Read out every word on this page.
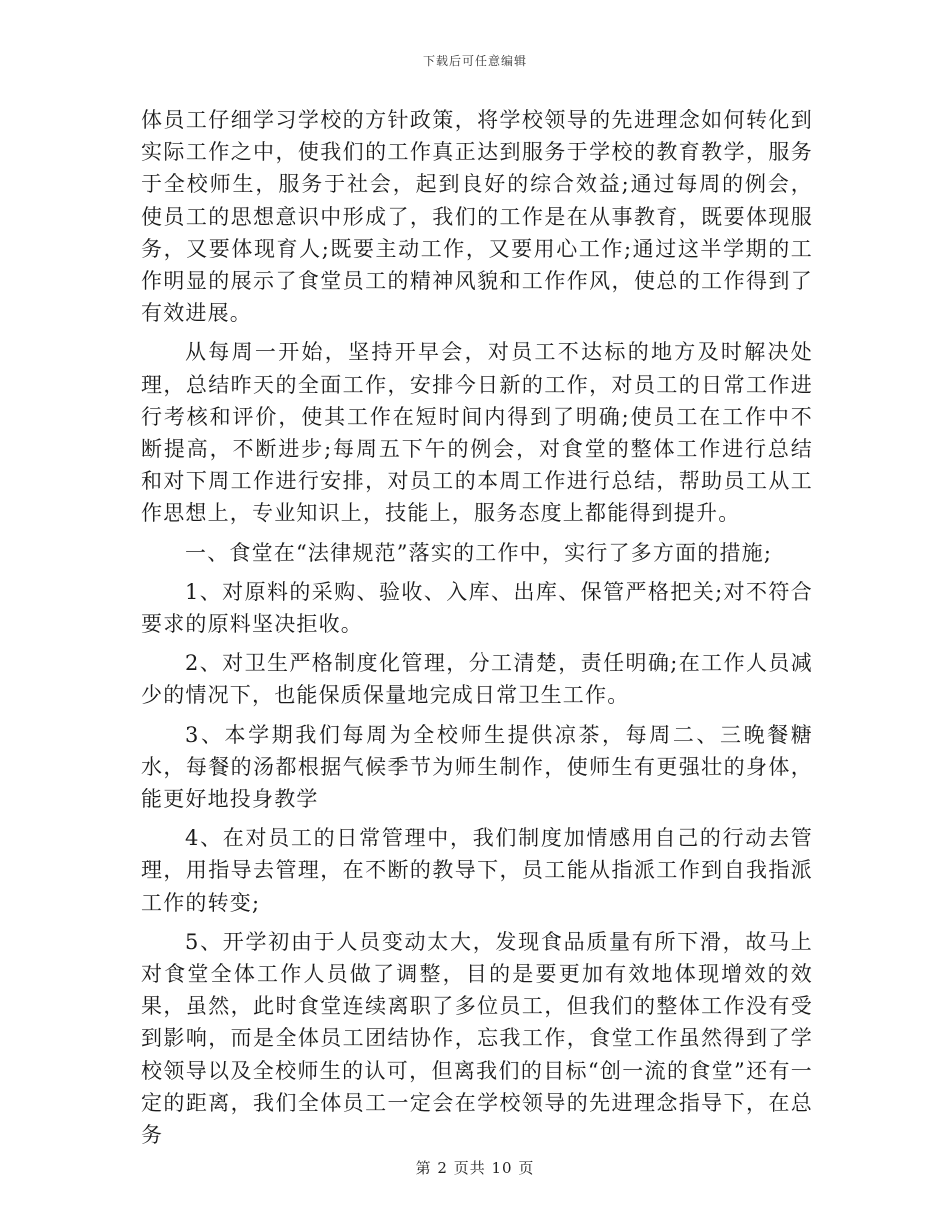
下载后可任意编辑

体员工仔细学习学校的方针政策，将学校领导的先进理念如何转化到实际工作之中，使我们的工作真正达到服务于学校的教育教学，服务于全校师生，服务于社会，起到良好的综合效益;通过每周的例会，使员工的思想意识中形成了，我们的工作是在从事教育，既要体现服务，又要体现育人;既要主动工作，又要用心工作;通过这半学期的工作明显的展示了食堂员工的精神风貌和工作作风，使总的工作得到了有效进展。

从每周一开始，坚持开早会，对员工不达标的地方及时解决处理，总结昨天的全面工作，安排今日新的工作，对员工的日常工作进行考核和评价，使其工作在短时间内得到了明确;使员工在工作中不断提高，不断进步;每周五下午的例会，对食堂的整体工作进行总结和对下周工作进行安排，对员工的本周工作进行总结，帮助员工从工作思想上，专业知识上，技能上，服务态度上都能得到提升。

一、食堂在“法律规范”落实的工作中，实行了多方面的措施;

1、对原料的采购、验收、入库、出库、保管严格把关;对不符合要求的原料坚决拒收。

2、对卫生严格制度化管理，分工清楚，责任明确;在工作人员减少的情况下，也能保质保量地完成日常卫生工作。

3、本学期我们每周为全校师生提供凉茶，每周二、三晚餐糖水，每餐的汤都根据气候季节为师生制作，使师生有更强壮的身体，能更好地投身教学

4、在对员工的日常管理中，我们制度加情感用自己的行动去管理，用指导去管理，在不断的教导下，员工能从指派工作到自我指派工作的转变;

5、开学初由于人员变动太大，发现食品质量有所下滑，故马上对食堂全体工作人员做了调整，目的是要更加有效地体现增效的效果，虽然，此时食堂连续离职了多位员工，但我们的整体工作没有受到影响，而是全体员工团结协作，忘我工作，食堂工作虽然得到了学校领导以及全校师生的认可，但离我们的目标“创一流的食堂”还有一定的距离，我们全体员工一定会在学校领导的先进理念指导下，在总务

第 2 页共 10 页
